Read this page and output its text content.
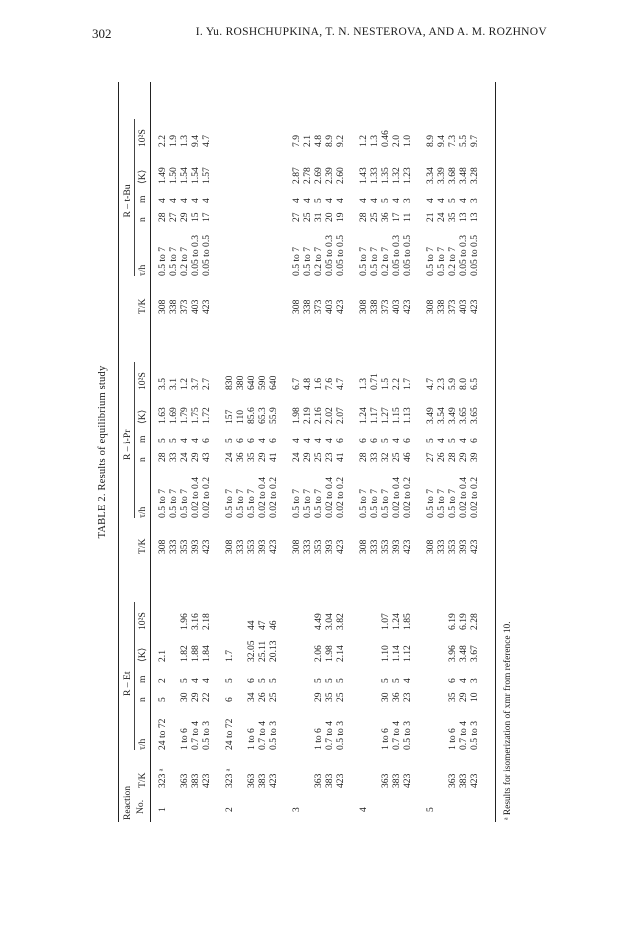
302	I. Yu. ROSHCHUPKINA, T. N. NESTEROVA, AND A. M. ROZHNOV
TABLE 2. Results of equilibrium study
Reaction No.
R – Et
T/K
τ/h
n
m
⟨K⟩
10²S
R – i-Pr
T/K
τ/h
n
m
⟨K⟩
10²S
R – t-Bu
T/K
τ/h
n
m
⟨K⟩
10²S
1
323 ᵃ
24 to 72
5
2
2.1
363
1 to 6
30
5
1.82
1.96
383
0.7 to 4
29
4
1.88
3.16
423
0.5 to 3
22
4
1.84
2.18
308
0.5 to 7
28
5
1.63
3.5
333
0.5 to 7
33
5
1.69
3.1
353
0.5 to 7
24
4
1.79
1.2
393
0.02 to 0.4
29
4
1.75
3.7
423
0.02 to 0.2
43
6
1.72
2.7
308
0.5 to 7
28
4
1.49
2.2
338
0.5 to 7
27
4
1.50
1.9
373
0.2 to 7
29
4
1.54
1.3
403
0.05 to 0.3
15
4
1.54
9.4
423
0.05 to 0.5
17
4
1.57
4.7
2
323 ᵃ
24 to 72
6
5
1.7
363
1 to 6
34
6
32.05
44
383
0.7 to 4
26
5
25.11
47
423
0.5 to 3
25
5
20.13
46
308
0.5 to 7
24
5
157
830
333
0.5 to 7
36
6
110
380
353
0.5 to 7
35
6
85.6
640
393
0.02 to 0.4
29
4
65.3
590
423
0.02 to 0.2
41
6
55.9
640
3
363
1 to 6
29
5
2.06
4.49
383
0.7 to 4
35
5
1.98
3.04
423
0.5 to 3
25
5
2.14
3.82
308
0.5 to 7
24
4
1.98
6.7
333
0.5 to 7
29
4
2.19
4.8
353
0.5 to 7
25
4
2.16
1.6
393
0.02 to 0.4
23
4
2.02
7.6
423
0.02 to 0.2
41
6
2.07
4.7
308
0.5 to 7
27
4
2.87
7.9
338
0.5 to 7
25
4
2.78
2.1
373
0.2 to 7
31
5
2.69
4.8
403
0.05 to 0.3
20
4
2.39
8.9
423
0.05 to 0.5
19
4
2.60
9.2
4
363
1 to 6
30
5
1.10
1.07
383
0.7 to 4
36
5
1.14
1.24
423
0.5 to 3
23
4
1.12
1.85
308
0.5 to 7
28
6
1.24
1.3
333
0.5 to 7
33
6
1.17
0.71
353
0.5 to 7
32
5
1.27
1.5
393
0.02 to 0.4
25
4
1.15
2.2
423
0.02 to 0.2
46
6
1.13
1.7
308
0.5 to 7
28
4
1.43
1.2
338
0.5 to 7
25
4
1.33
1.3
373
0.2 to 7
36
5
1.35
0.46
403
0.05 to 0.3
17
4
1.32
2.0
423
0.05 to 0.5
11
3
1.23
1.0
5
363
1 to 6
35
6
3.96
6.19
383
0.7 to 4
29
4
3.48
6.19
423
0.5 to 3
10
3
3.67
2.28
308
0.5 to 7
27
5
3.49
4.7
333
0.5 to 7
26
4
3.54
2.3
353
0.5 to 7
28
5
3.49
5.9
393
0.02 to 0.4
29
4
3.65
8.0
423
0.02 to 0.2
39
6
3.65
6.5
308
0.5 to 7
21
4
3.34
8.9
338
0.5 to 7
24
4
3.39
9.4
373
0.2 to 7
35
5
3.68
7.3
403
0.05 to 0.3
13
4
3.48
5.5
423
0.05 to 0.5
13
3
3.28
9.7
ᵃ Results for isomerization of xmr from reference 10.
